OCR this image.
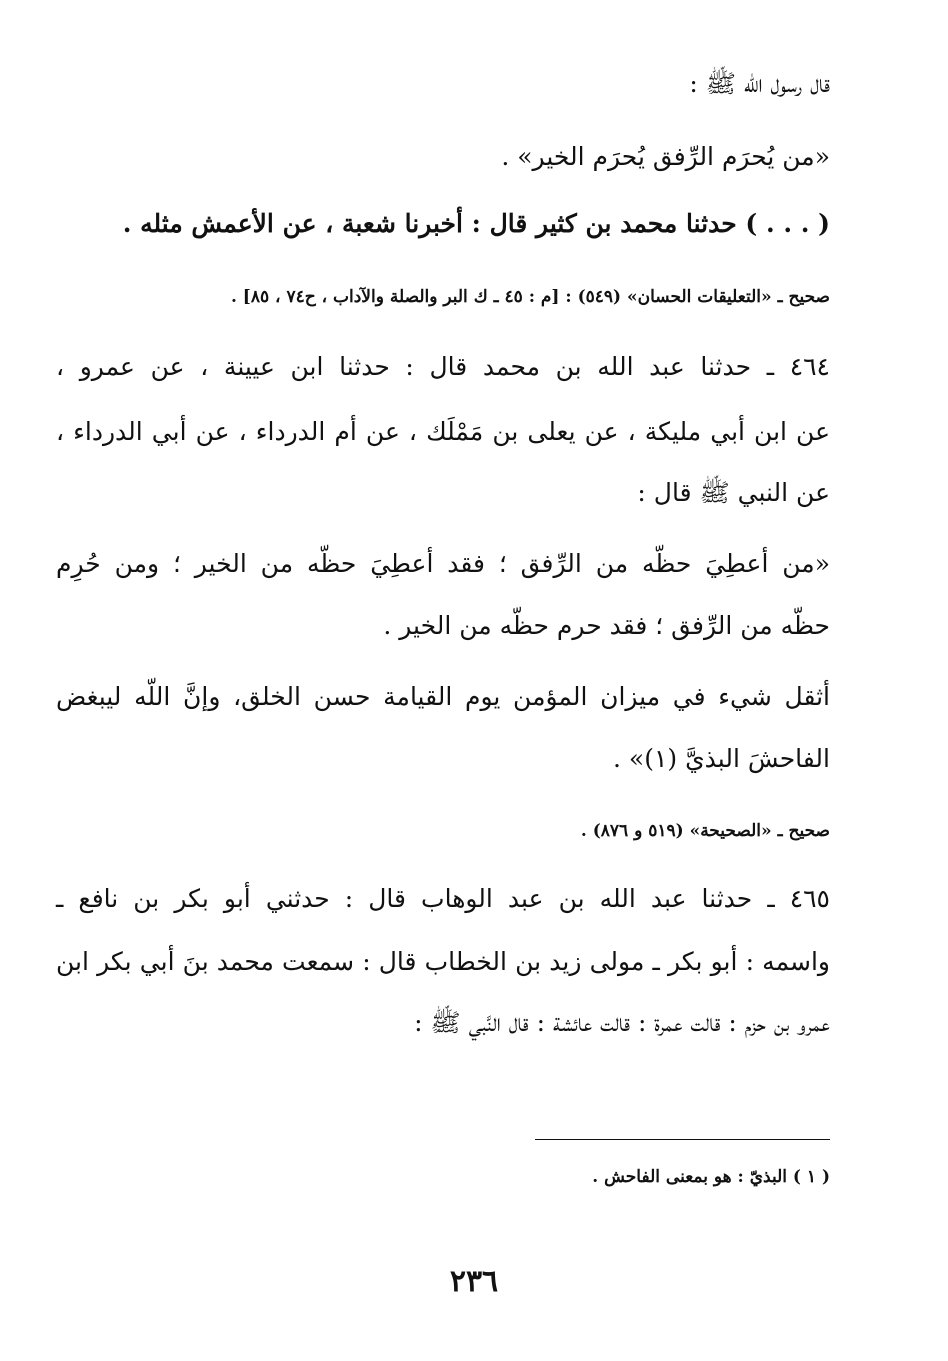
قال رسول الله ﷺ :
«من يُحرَم الرِّفق يُحرَم الخير» .
( . . . ) حدثنا محمد بن كثير قال : أخبرنا شعبة ، عن الأعمش مثله .
صحيح ـ «التعليقات الحسان» (٥٤٩) : [م : ٤٥ ـ ك البر والصلة والآداب ، ح٧٤ ، ٨٥] .
٤٦٤ ـ حدثنا عبد الله بن محمد قال : حدثنا ابن عيينة ، عن عمرو ،
عن ابن أبي مليكة ، عن يعلى بن مَمْلَك ، عن أم الدرداء ، عن أبي الدرداء ،
عن النبي ﷺ قال :
«من أعطِيَ حظّه من الرِّفق ؛ فقد أعطِيَ حظّه من الخير ؛ ومن حُرِم
حظّه من الرِّفق ؛ فقد حرم حظّه من الخير .
أثقل شيء في ميزان المؤمن يوم القيامة حسن الخلق، وإنَّ اللّه ليبغض
الفاحشَ البذيَّ (١)» .
صحيح ـ «الصحيحة» (٥١٩ و ٨٧٦) .
٤٦٥ ـ حدثنا عبد الله بن عبد الوهاب قال : حدثني أبو بكر بن نافع ـ
واسمه : أبو بكر ـ مولى زيد بن الخطاب قال : سمعت محمد بنَ أبي بكر ابن
عمرو بن حزم : قالت عمرة : قالت عائشة : قال النَّبي ﷺ :
( ١ ) البذيّ : هو بمعنى الفاحش .
٢٣٦
